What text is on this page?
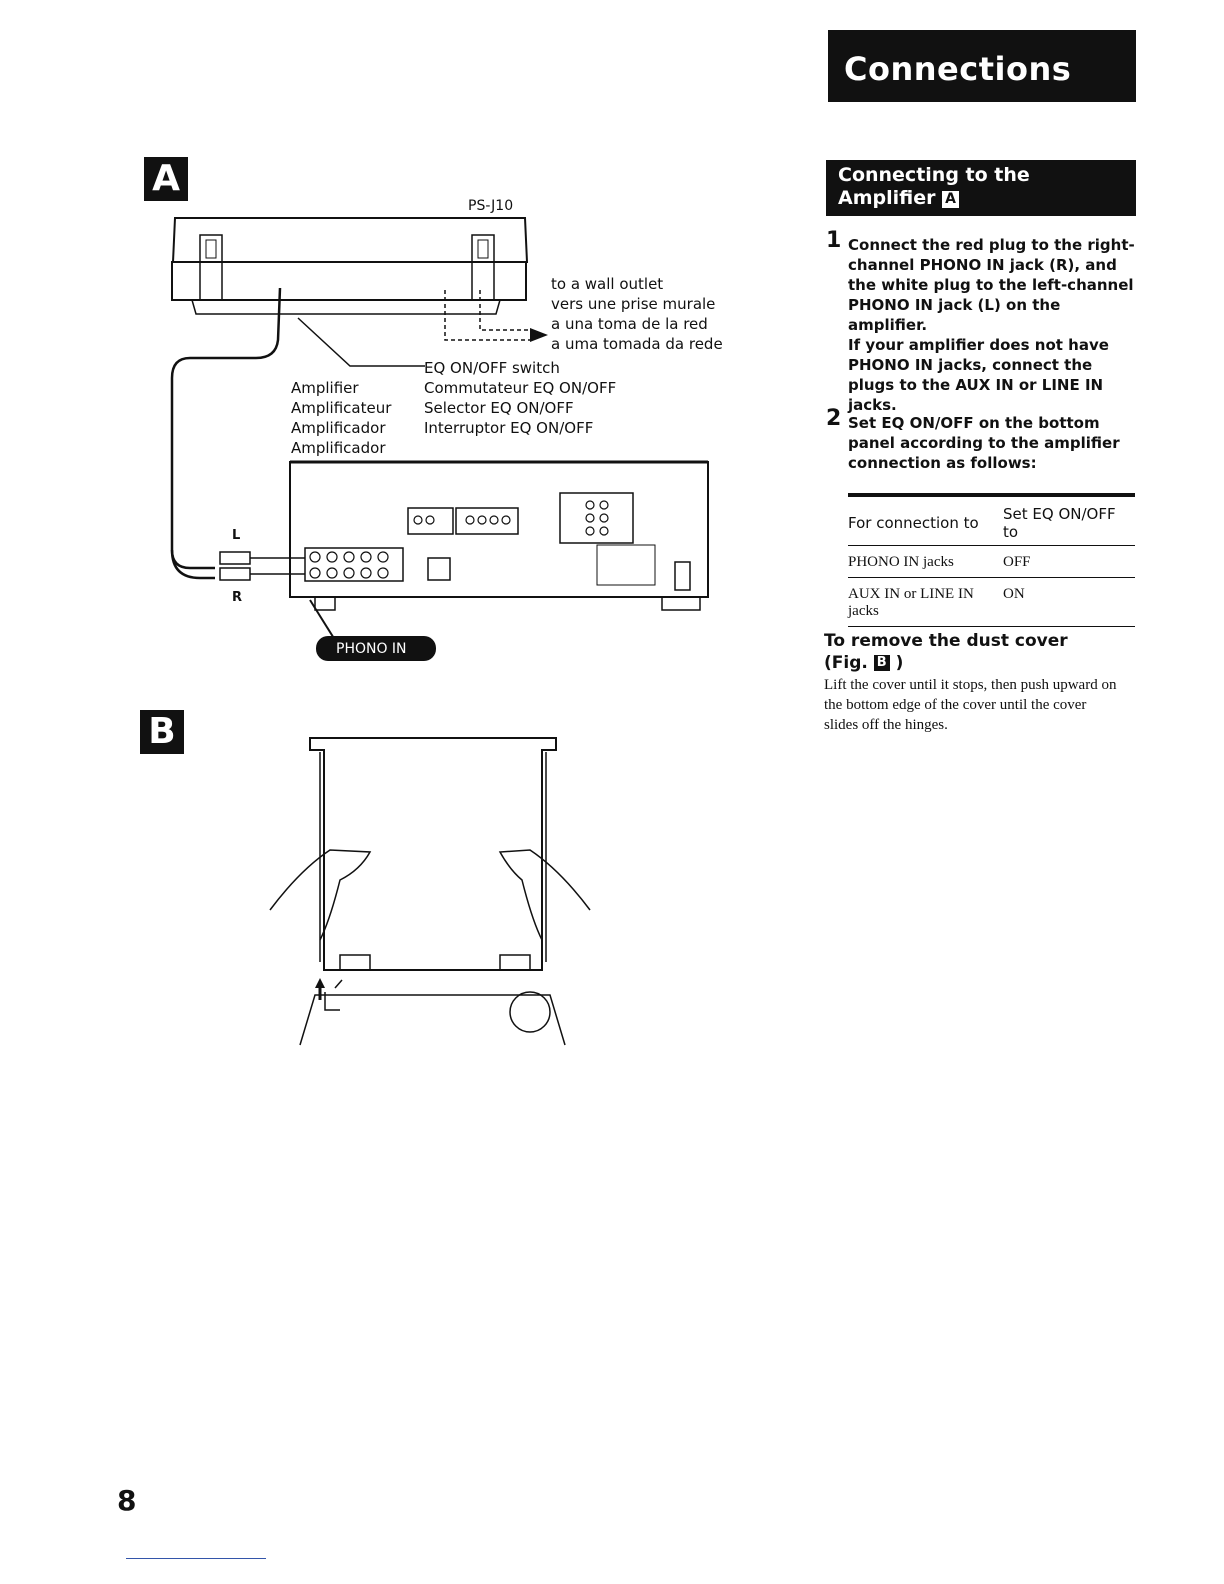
Connections
A
PS-J10
to a wall outlet
vers une prise murale
a una toma de la red
a uma tomada da rede
EQ ON/OFF switch
Commutateur EQ ON/OFF
Selector EQ ON/OFF
Interruptor EQ ON/OFF
Amplifier
Amplificateur
Amplificador
Amplificador
L
R
PHONO IN
B
Connecting to the
Amplifier A
1 Connect the red plug to the right-channel PHONO IN jack (R), and the white plug to the left-channel PHONO IN jack (L) on the amplifier.
If your amplifier does not have PHONO IN jacks, connect the plugs to the AUX IN or LINE IN jacks.
2 Set EQ ON/OFF on the bottom panel according to the amplifier connection as follows:
For connection to	Set EQ ON/OFF to
PHONO IN jacks	OFF
AUX IN or LINE IN jacks	ON
To remove the dust cover
(Fig. B )
Lift the cover until it stops, then push upward on the bottom edge of the cover until the cover slides off the hinges.
8
